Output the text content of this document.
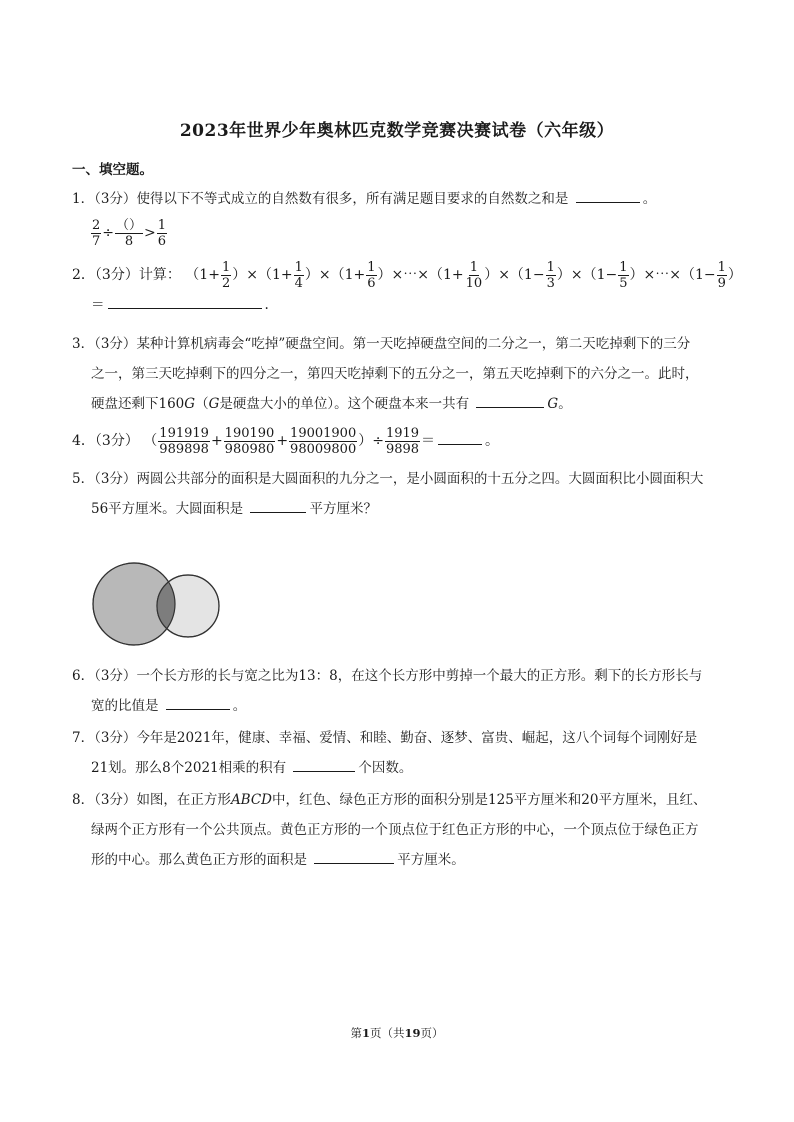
2023年世界少年奥林匹克数学竞赛决赛试卷（六年级）
一、填空题。
1．（3分）使得以下不等式成立的自然数有很多，所有满足题目要求的自然数之和是	。
$\frac{2}{7} \div \frac{()}{8} > \frac{1}{6}$
2．（3分）计算： $(1+ \frac{1}{2} )\times(1+ \frac{1}{4} )\times(1+ \frac{1}{6}$ ）×⋯×（1+ $\frac{1}{10} )\times(1- \frac{1}{3} )\times(1- \frac{1}{5}$ ）×⋯×（1− $\frac{1}{9}$ ）
＝	.
3．（3分）某种计算机病毒会“吃掉”硬盘空间。第一天吃掉硬盘空间的二分之一，第二天吃掉剩下的三分
之一，第三天吃掉剩下的四分之一，第四天吃掉剩下的五分之一，第五天吃掉剩下的六分之一。此时，
硬盘还剩下160G（G是硬盘大小的单位）。这个硬盘本来一共有	G。
4．（3分） （ $\frac{191919}{989898} + \frac{190190}{980980} + \frac{19001900}{98009800}$ ）÷ $\frac{1919}{9898}$ ＝	。
5．（3分）两圆公共部分的面积是大圆面积的九分之一，是小圆面积的十五分之四。大圆面积比小圆面积大
56平方厘米。大圆面积是	平方厘米？
6．（3分）一个长方形的长与宽之比为13：8，在这个长方形中剪掉一个最大的正方形。剩下的长方形长与
宽的比值是	。
7．（3分）今年是2021年，健康、幸福、爱情、和睦、勤奋、逐梦、富贵、崛起，这八个词每个词刚好是
21划。那么8个2021相乘的积有	个因数。
8．（3分）如图，在正方形ABCD中，红色、绿色正方形的面积分别是125平方厘米和20平方厘米，且红、
绿两个正方形有一个公共顶点。黄色正方形的一个顶点位于红色正方形的中心，一个顶点位于绿色正方
形的中心。那么黄色正方形的面积是	平方厘米。
第1页（共19页）
